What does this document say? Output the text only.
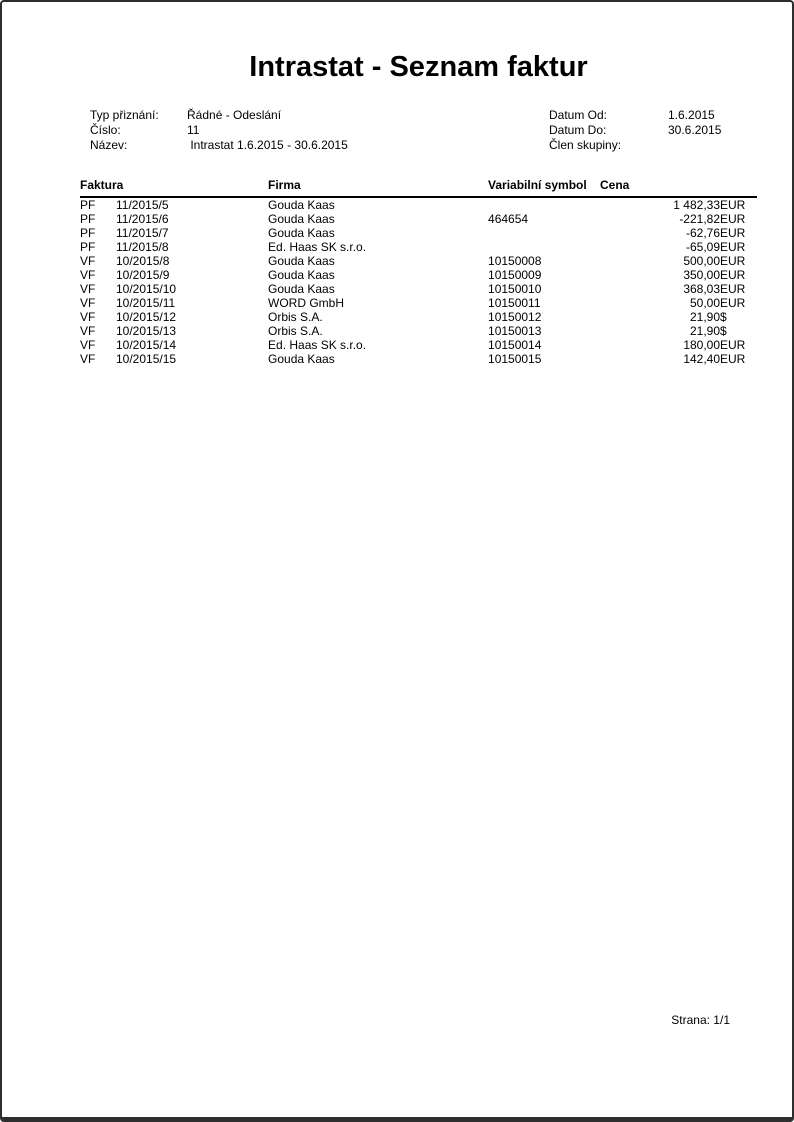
Intrastat - Seznam faktur
Typ přiznání:	Řádné - Odeslání
Číslo:	11
Název:	Intrastat 1.6.2015 - 30.6.2015
Datum Od:	1.6.2015
Datum Do:	30.6.2015
Člen skupiny:
Faktura		Firma	Variabilní symbol	Cena	
PF	11/2015/5	Gouda Kaas		1 482,33	EUR
PF	11/2015/6	Gouda Kaas	464654	-221,82	EUR
PF	11/2015/7	Gouda Kaas		-62,76	EUR
PF	11/2015/8	Ed. Haas SK s.r.o.		-65,09	EUR
VF	10/2015/8	Gouda Kaas	10150008	500,00	EUR
VF	10/2015/9	Gouda Kaas	10150009	350,00	EUR
VF	10/2015/10	Gouda Kaas	10150010	368,03	EUR
VF	10/2015/11	WORD GmbH	10150011	50,00	EUR
VF	10/2015/12	Orbis S.A.	10150012	21,90	$
VF	10/2015/13	Orbis S.A.	10150013	21,90	$
VF	10/2015/14	Ed. Haas SK s.r.o.	10150014	180,00	EUR
VF	10/2015/15	Gouda Kaas	10150015	142,40	EUR
Strana: 1/1
